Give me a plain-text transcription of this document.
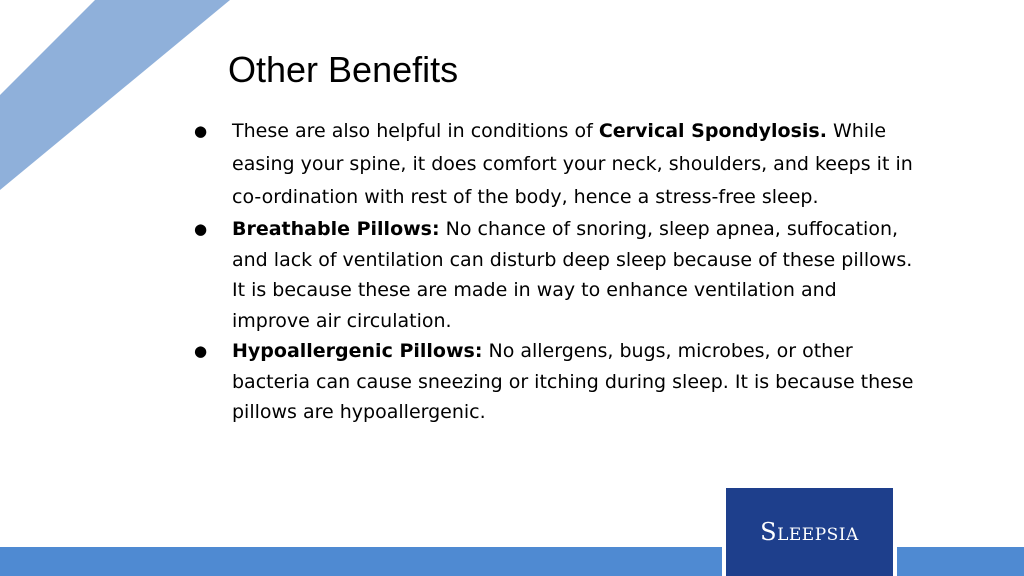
Other Benefits
● These are also helpful in conditions of Cervical Spondylosis. While easing your spine, it does comfort your neck, shoulders, and keeps it in co-ordination with rest of the body, hence a stress-free sleep.

● Breathable Pillows: No chance of snoring, sleep apnea, suffocation, and lack of ventilation can disturb deep sleep because of these pillows. It is because these are made in way to enhance ventilation and improve air circulation.

● Hypoallergenic Pillows: No allergens, bugs, microbes, or other bacteria can cause sneezing or itching during sleep. It is because these pillows are hypoallergenic.

Sleepsia
